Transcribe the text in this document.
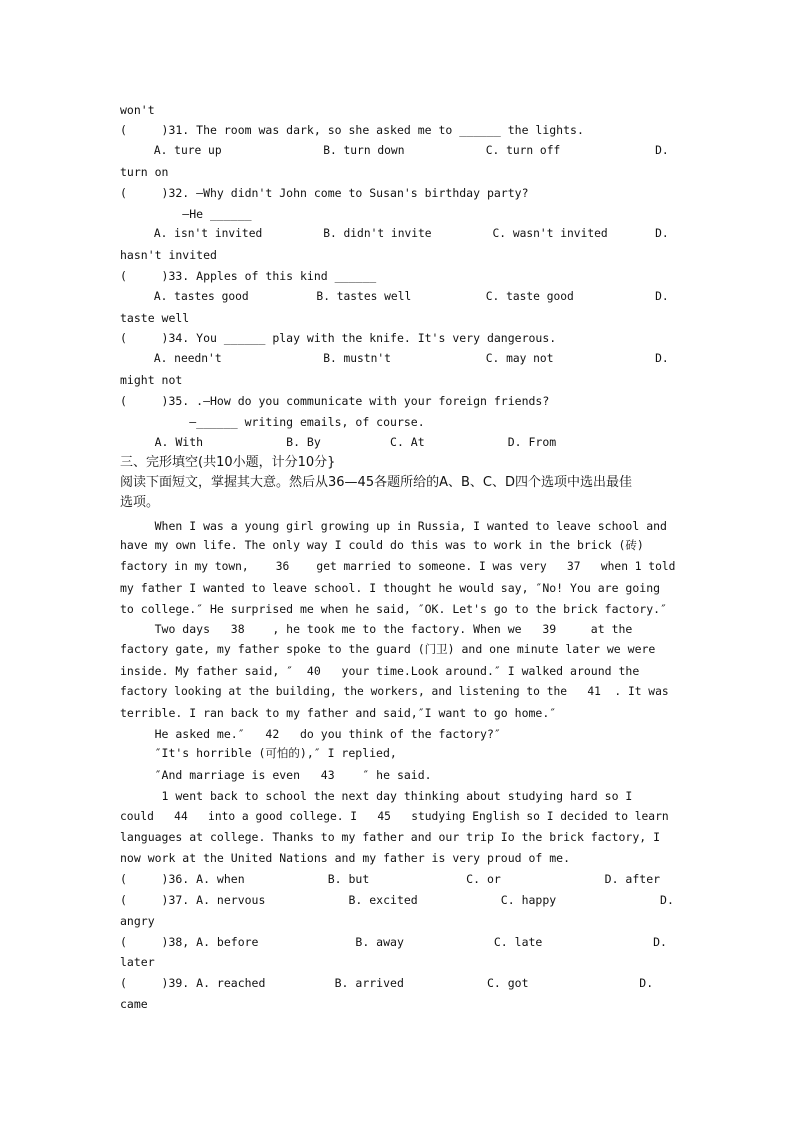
won't
(     )31. The room was dark, so she asked me to ______ the lights.
A. ture up               B. turn down            C. turn off              D.
turn on
(     )32. —Why didn't John come to Susan's birthday party?
—He ______
A. isn't invited         B. didn't invite         C. wasn't invited       D.
hasn't invited
(     )33. Apples of this kind ______
A. tastes good          B. tastes well           C. taste good            D.
taste well
(     )34. You ______ play with the knife. It's very dangerous.
A. needn't               B. mustn't              C. may not               D.
might not
(     )35. .—How do you communicate with your foreign friends?
—______ writing emails, of course.
A. With            B. By          C. At            D. From
三、完形填空(共10小题，计分10分}
阅读下面短文，掌握其大意。然后从36—45各题所给的A、B、C、D四个选项中选出最佳
选项。
When I was a young girl growing up in Russia, I wanted to leave school and
have my own life. The only way I could do this was to work in the brick (砖)
factory in my town,    36    get married to someone. I was very   37   when 1 told
my father I wanted to leave school. I thought he would say, ″No! You are going
to college.″ He surprised me when he said, ″OK. Let's go to the brick factory.″
Two days   38    , he took me to the factory. When we   39     at the
factory gate, my father spoke to the guard (门卫) and one minute later we were
inside. My father said, ″  40   your time.Look around.″ I walked around the
factory looking at the building, the workers, and listening to the   41  . It was
terrible. I ran back to my father and said,″I want to go home.″
He asked me.″   42   do you think of the factory?″
″It's horrible (可怕的),″ I replied,
″And marriage is even   43    ″ he said.
1 went back to school the next day thinking about studying hard so I
could   44   into a good college. I   45   studying English so I decided to learn
languages at college. Thanks to my father and our trip Io the brick factory, I
now work at the United Nations and my father is very proud of me.
(     )36. A. when            B. but              C. or               D. after
(     )37. A. nervous            B. excited            C. happy               D.
angry
(     )38, A. before              B. away             C. late                D.
later
(     )39. A. reached          B. arrived            C. got                D.
came
